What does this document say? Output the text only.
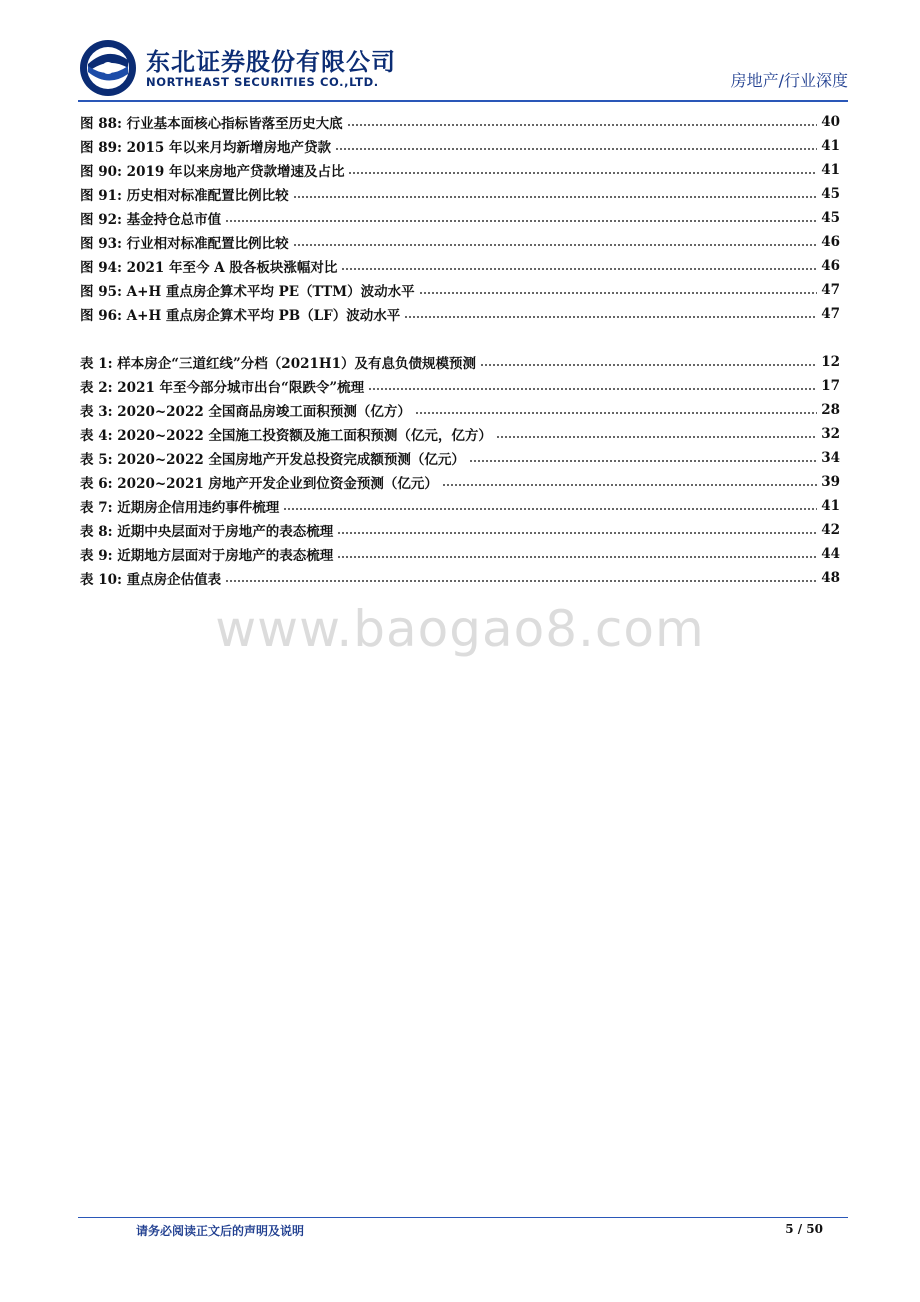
东北证券股份有限公司
NORTHEAST SECURITIES CO.,LTD.	房地产/行业深度
图 88: 行业基本面核心指标皆落至历史大底	40
图 89: 2015 年以来月均新增房地产贷款	41
图 90: 2019 年以来房地产贷款增速及占比	41
图 91: 历史相对标准配置比例比较	45
图 92: 基金持仓总市值	45
图 93: 行业相对标准配置比例比较	46
图 94: 2021 年至今 A 股各板块涨幅对比	46
图 95: A+H 重点房企算术平均 PE（TTM）波动水平	47
图 96: A+H 重点房企算术平均 PB（LF）波动水平	47
表 1: 样本房企“三道红线”分档（2021H1）及有息负债规模预测	12
表 2: 2021 年至今部分城市出台“限跌令”梳理	17
表 3: 2020~2022 全国商品房竣工面积预测（亿方）	28
表 4: 2020~2022 全国施工投资额及施工面积预测（亿元，亿方）	32
表 5: 2020~2022 全国房地产开发总投资完成额预测（亿元）	34
表 6: 2020~2021 房地产开发企业到位资金预测（亿元）	39
表 7: 近期房企信用违约事件梳理	41
表 8: 近期中央层面对于房地产的表态梳理	42
表 9: 近期地方层面对于房地产的表态梳理	44
表 10: 重点房企估值表	48
www.baogao8.com
请务必阅读正文后的声明及说明	5 / 50
